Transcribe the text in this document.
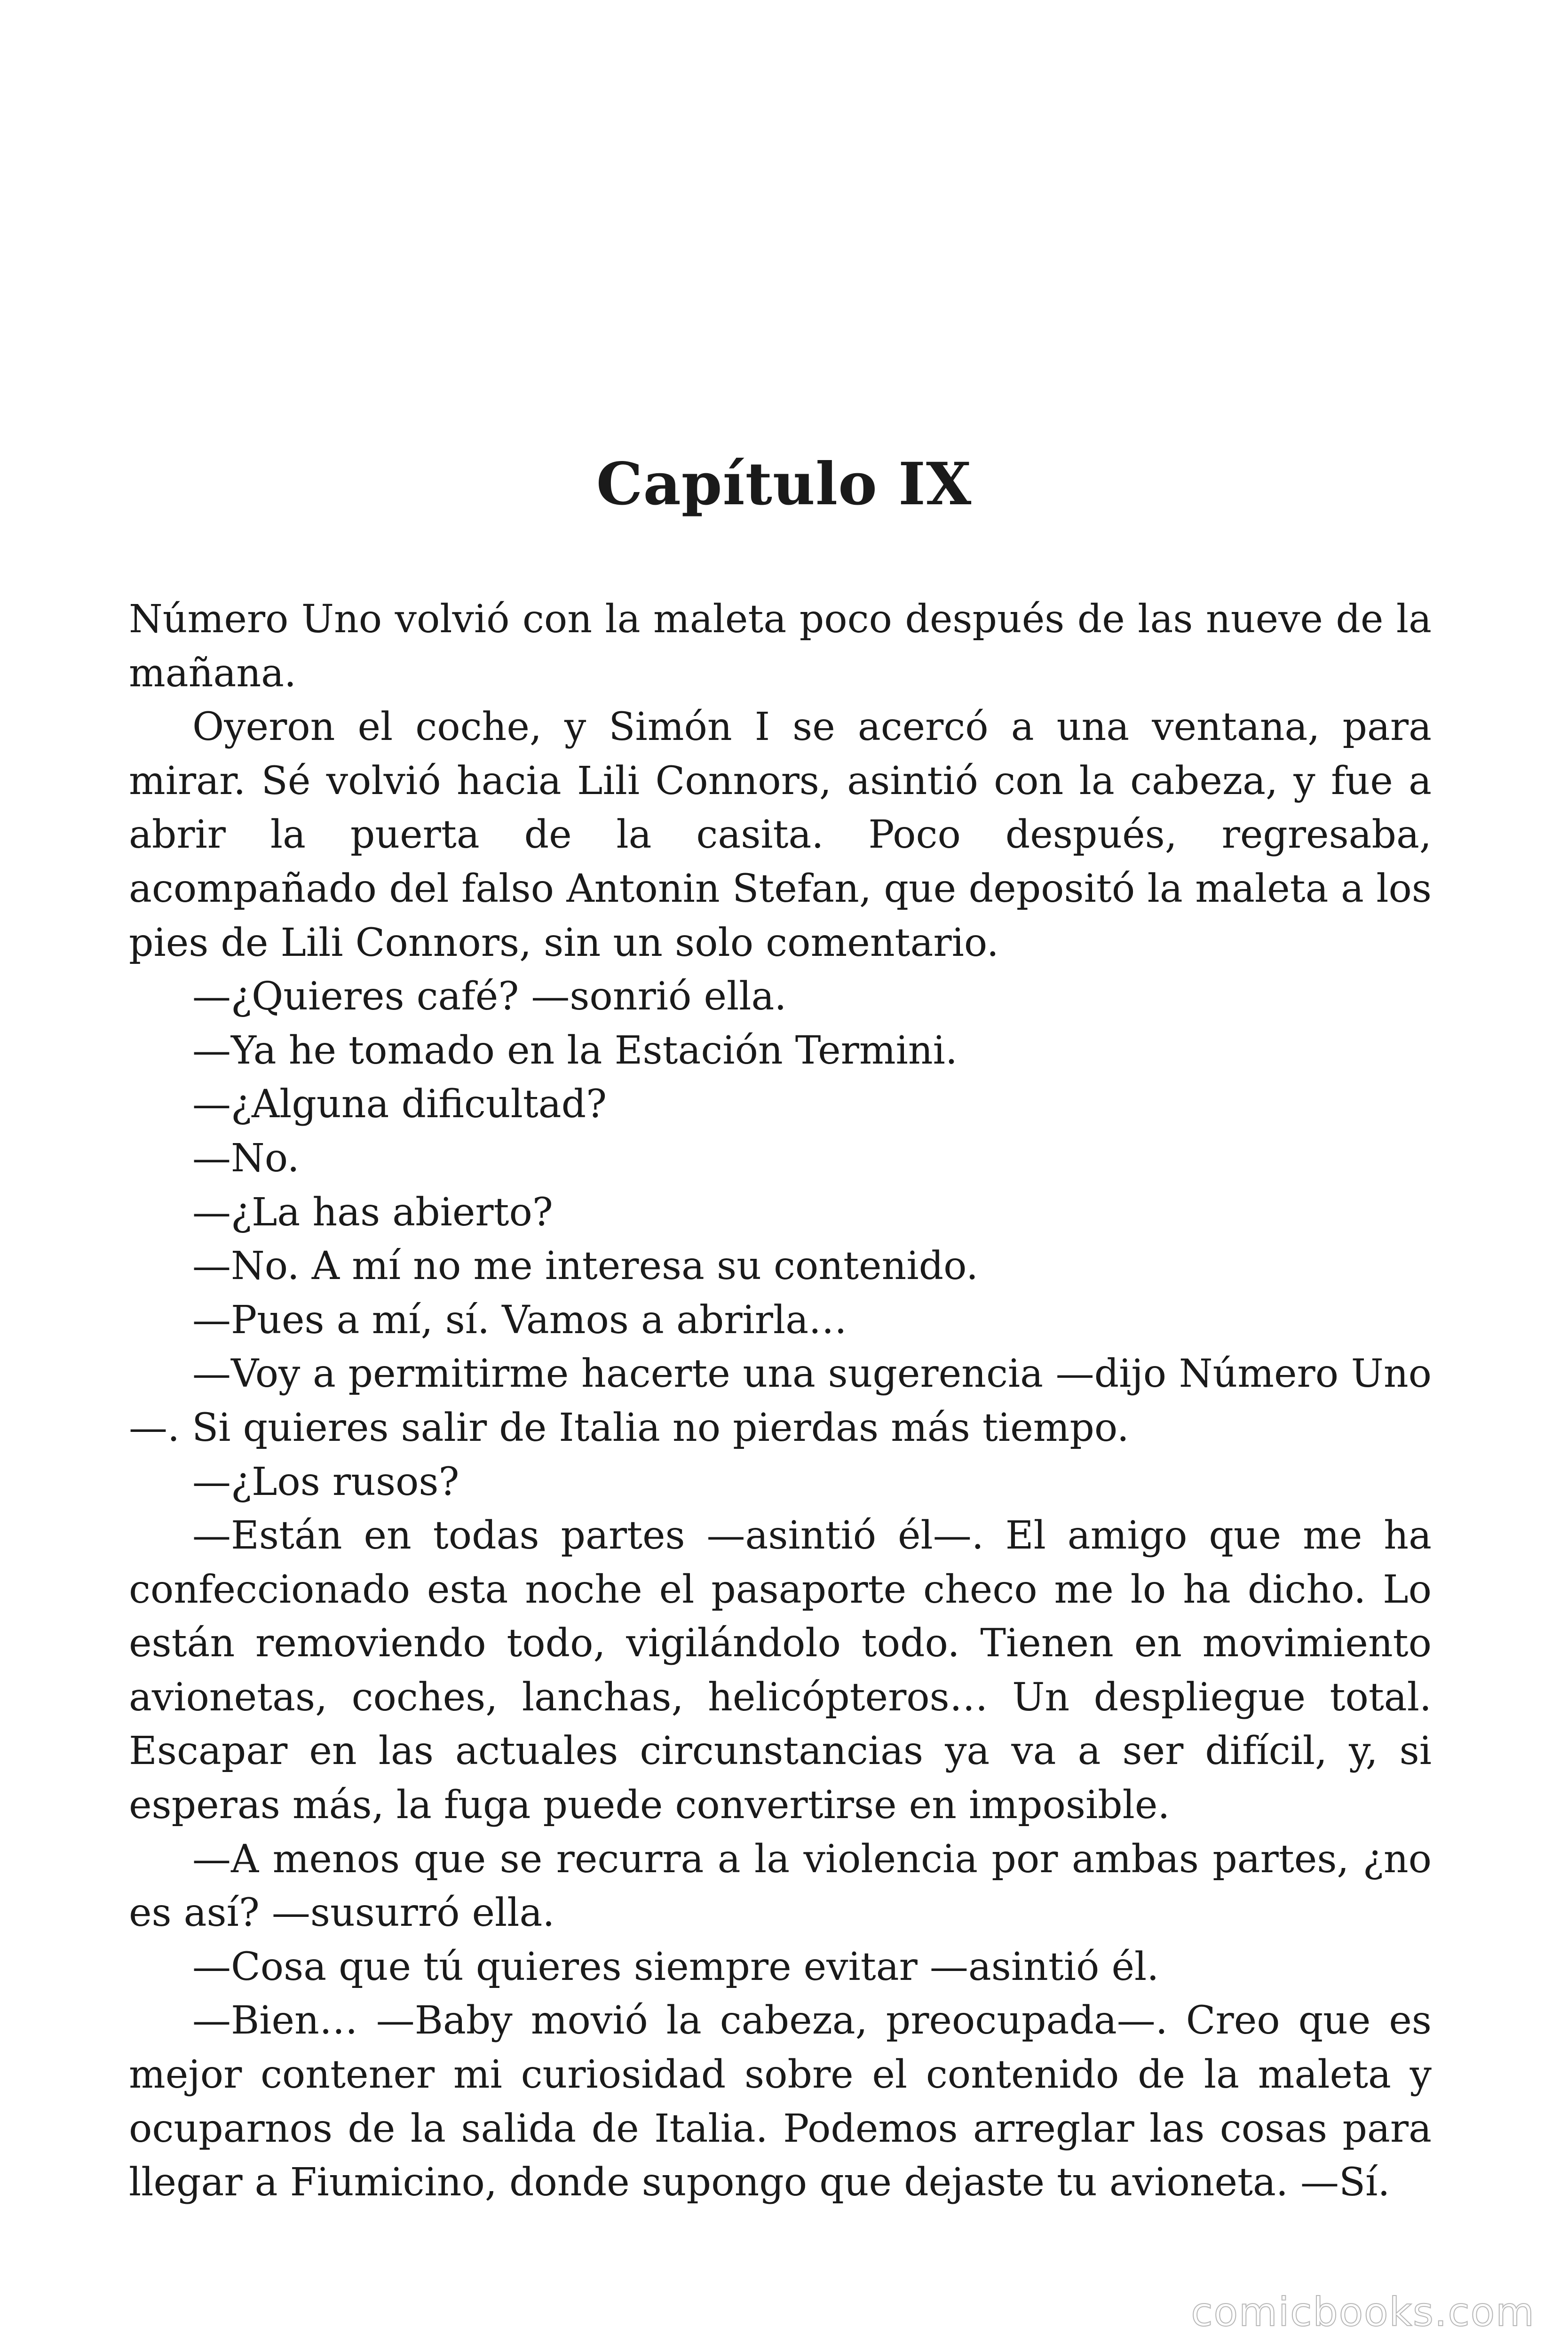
Capítulo IX

Número Uno volvió con la maleta poco después de las nueve de la mañana.

Oyeron el coche, y Simón I se acercó a una ventana, para mirar. Sé volvió hacia Lili Connors, asintió con la cabeza, y fue a abrir la puerta de la casita. Poco después, regresaba, acompañado del falso Antonin Stefan, que depositó la maleta a los pies de Lili Connors, sin un solo comentario.

—¿Quieres café? —sonrió ella.

—Ya he tomado en la Estación Termini.

—¿Alguna dificultad?

—No.

—¿La has abierto?

—No. A mí no me interesa su contenido.

—Pues a mí, sí. Vamos a abrirla…

—Voy a permitirme hacerte una sugerencia —dijo Número Uno —. Si quieres salir de Italia no pierdas más tiempo.

—¿Los rusos?

—Están en todas partes —asintió él—. El amigo que me ha confeccionado esta noche el pasaporte checo me lo ha dicho. Lo están removiendo todo, vigilándolo todo. Tienen en movimiento avionetas, coches, lanchas, helicópteros… Un despliegue total. Escapar en las actuales circunstancias ya va a ser difícil, y, si esperas más, la fuga puede convertirse en imposible.

—A menos que se recurra a la violencia por ambas partes, ¿no es así? —susurró ella.

—Cosa que tú quieres siempre evitar —asintió él.

—Bien… —Baby movió la cabeza, preocupada—. Creo que es mejor contener mi curiosidad sobre el contenido de la maleta y ocuparnos de la salida de Italia. Podemos arreglar las cosas para llegar a Fiumicino, donde supongo que dejaste tu avioneta. —Sí.

comicbooks.com
